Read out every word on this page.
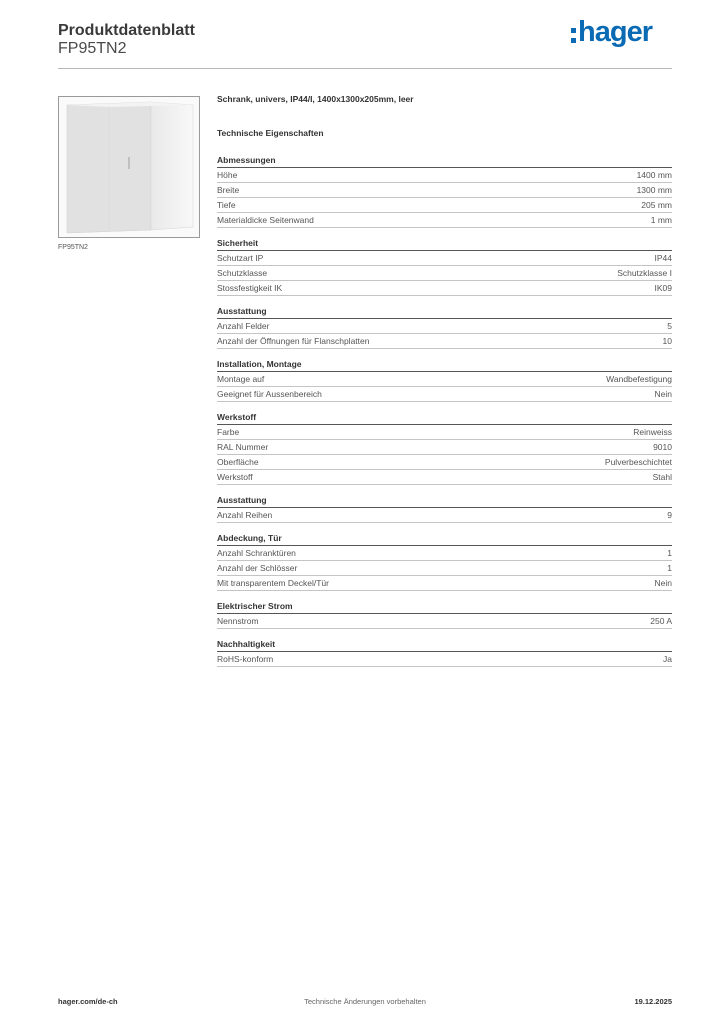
Produktdatenblatt
FP95TN2
hager
FP95TN2
Schrank, univers, IP44/I, 1400x1300x205mm, leer
Technische Eigenschaften
Abmessungen
Höhe	1400 mm
Breite	1300 mm
Tiefe	205 mm
Materialdicke Seitenwand	1 mm
Sicherheit
Schutzart IP	IP44
Schutzklasse	Schutzklasse I
Stossfestigkeit IK	IK09
Ausstattung
Anzahl Felder	5
Anzahl der Öffnungen für Flanschplatten	10
Installation, Montage
Montage auf	Wandbefestigung
Geeignet für Aussenbereich	Nein
Werkstoff
Farbe	Reinweiss
RAL Nummer	9010
Oberfläche	Pulverbeschichtet
Werkstoff	Stahl
Ausstattung
Anzahl Reihen	9
Abdeckung, Tür
Anzahl Schranktüren	1
Anzahl der Schlösser	1
Mit transparentem Deckel/Tür	Nein
Elektrischer Strom
Nennstrom	250 A
Nachhaltigkeit
RoHS-konform	Ja
hager.com/de-ch	Technische Änderungen vorbehalten	19.12.2025
